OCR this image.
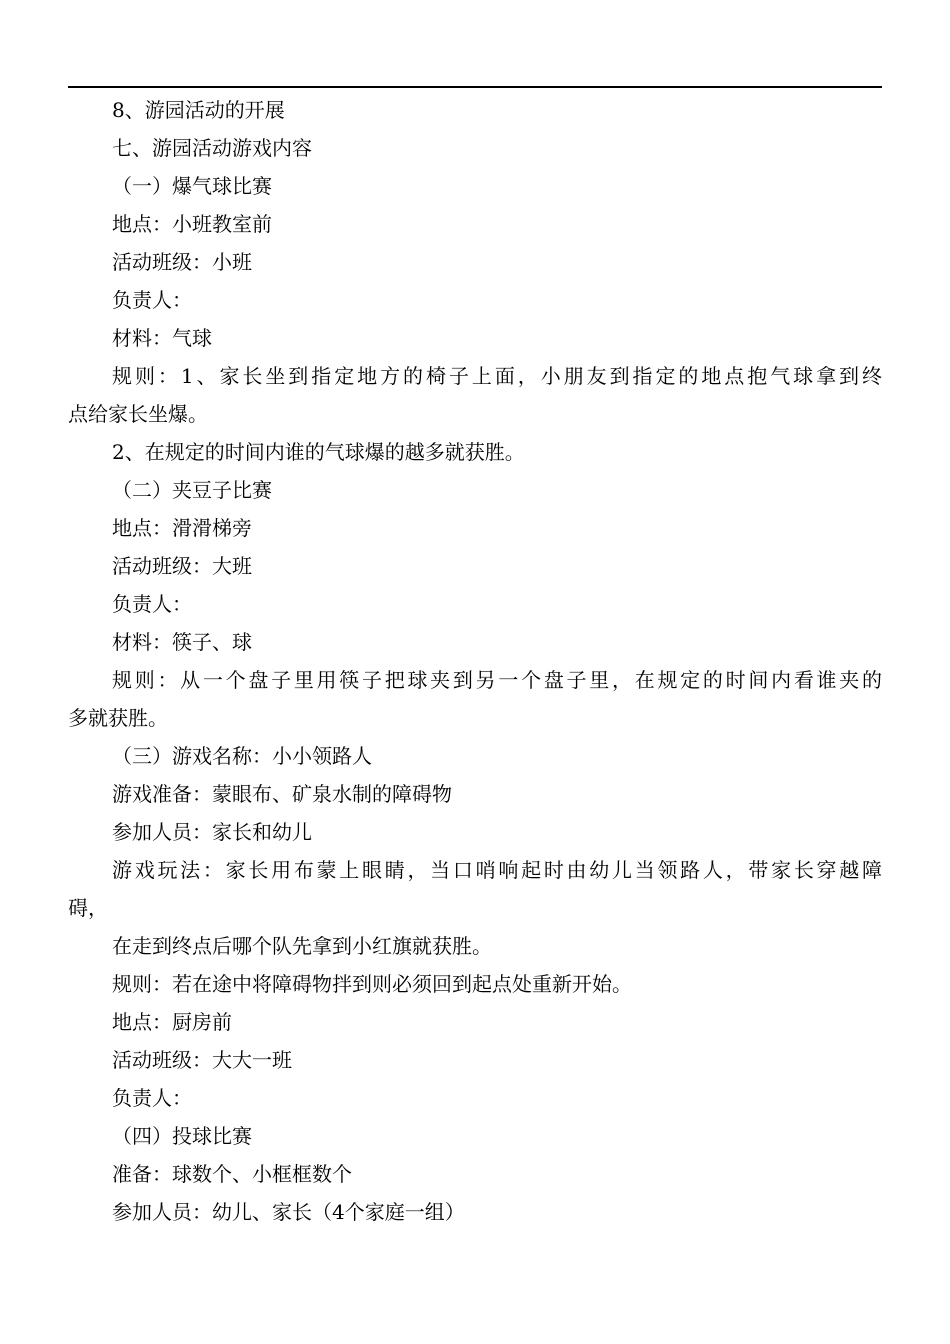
8、游园活动的开展
七、游园活动游戏内容
（一）爆气球比赛
地点：小班教室前
活动班级：小班
负责人：
材料：气球
规则：1、家长坐到指定地方的椅子上面，小朋友到指定的地点抱气球拿到终
点给家长坐爆。
2、在规定的时间内谁的气球爆的越多就获胜。
（二）夹豆子比赛
地点：滑滑梯旁
活动班级：大班
负责人：
材料：筷子、球
规则：从一个盘子里用筷子把球夹到另一个盘子里，在规定的时间内看谁夹的
多就获胜。
（三）游戏名称：小小领路人
游戏准备：蒙眼布、矿泉水制的障碍物
参加人员：家长和幼儿
游戏玩法：家长用布蒙上眼睛，当口哨响起时由幼儿当领路人，带家长穿越障
碍，
在走到终点后哪个队先拿到小红旗就获胜。
规则：若在途中将障碍物拌到则必须回到起点处重新开始。
地点：厨房前
活动班级：大大一班
负责人：
（四）投球比赛
准备：球数个、小框框数个
参加人员：幼儿、家长（4个家庭一组）
